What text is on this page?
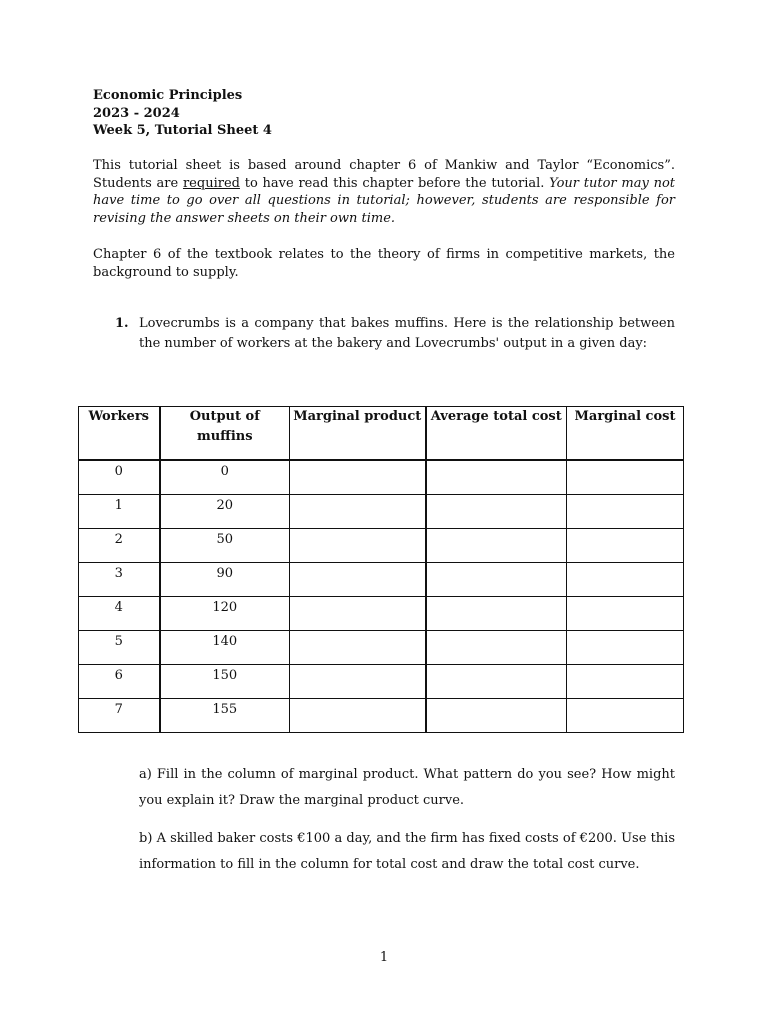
Economic Principles
2023 - 2024
Week 5, Tutorial Sheet 4
This tutorial sheet is based around chapter 6 of Mankiw and Taylor “Economics”. Students are required to have read this chapter before the tutorial. Your tutor may not have time to go over all questions in tutorial; however, students are responsible for revising the answer sheets on their own time.
Chapter 6 of the textbook relates to the theory of firms in competitive markets, the background to supply.
1. Lovecrumbs is a company that bakes muffins. Here is the relationship between the number of workers at the bakery and Lovecrumbs' output in a given day:
Workers	Output of muffins	Marginal product	Average total cost	Marginal cost
0	0			
1	20			
2	50			
3	90			
4	120			
5	140			
6	150			
7	155			
a) Fill in the column of marginal product. What pattern do you see? How might you explain it? Draw the marginal product curve.
b) A skilled baker costs €100 a day, and the firm has fixed costs of €200. Use this information to fill in the column for total cost and draw the total cost curve.
1
